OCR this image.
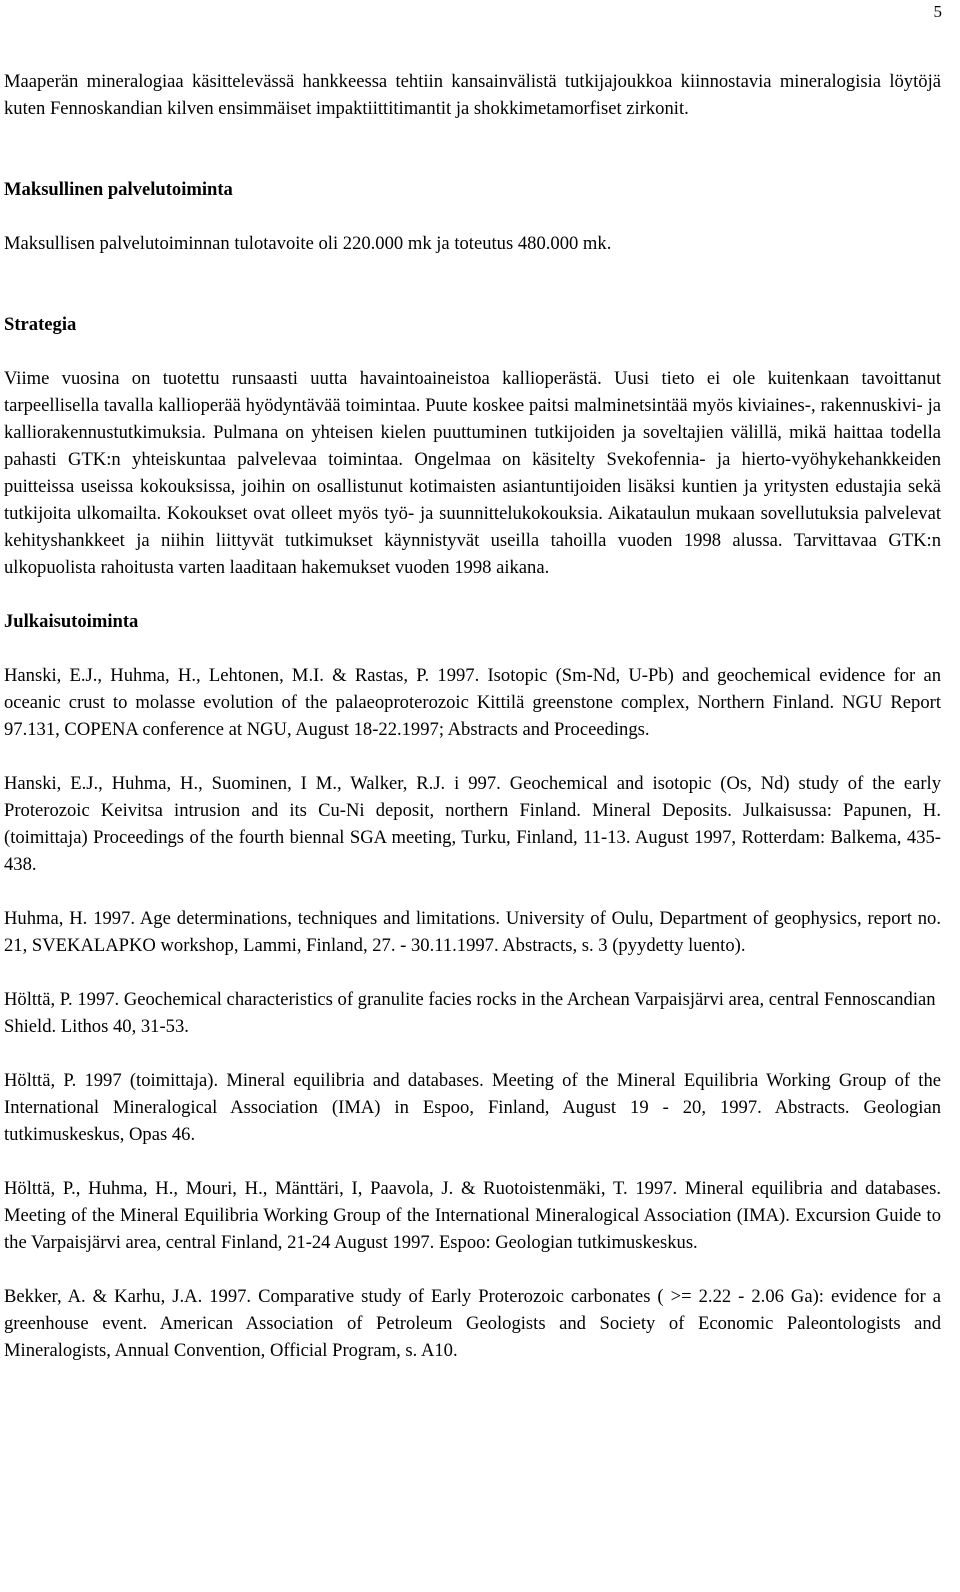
5

Maaperän mineralogiaa käsittelevässä hankkeessa tehtiin kansainvälistä tutkijajoukkoa kiinnostavia mineralogisia löytöjä kuten Fennoskandian kilven ensimmäiset impaktiittitimantit ja shokkimetamorfiset zirkonit.

Maksullinen palvelutoiminta

Maksullisen palvelutoiminnan tulotavoite oli 220.000 mk ja toteutus 480.000 mk.

Strategia

Viime vuosina on tuotettu runsaasti uutta havaintoaineistoa kallioperästä. Uusi tieto ei ole kuitenkaan tavoittanut tarpeellisella tavalla kallioperää hyödyntävää toimintaa. Puute koskee paitsi malminetsintää myös kiviaines-, rakennuskivi- ja kalliorakennustutkimuksia. Pulmana on yhteisen kielen puuttuminen tutkijoiden ja soveltajien välillä, mikä haittaa todella pahasti GTK:n yhteiskuntaa palvelevaa toimintaa. Ongelmaa on käsitelty Svekofennia- ja hierto-vyöhykehankkeiden puitteissa useissa kokouksissa, joihin on osallistunut kotimaisten asiantuntijoiden lisäksi kuntien ja yritysten edustajia sekä tutkijoita ulkomailta. Kokoukset ovat olleet myös työ- ja suunnittelukokouksia. Aikataulun mukaan sovellutuksia palvelevat kehityshankkeet ja niihin liittyvät tutkimukset käynnistyvät useilla tahoilla vuoden 1998 alussa. Tarvittavaa GTK:n ulkopuolista rahoitusta varten laaditaan hakemukset vuoden 1998 aikana.

Julkaisutoiminta

Hanski, E.J., Huhma, H., Lehtonen, M.I. & Rastas, P. 1997. Isotopic (Sm-Nd, U-Pb) and geochemical evidence for an oceanic crust to molasse evolution of the palaeoproterozoic Kittilä greenstone complex, Northern Finland. NGU Report 97.131, COPENA conference at NGU, August 18-22.1997; Abstracts and Proceedings.

Hanski, E.J., Huhma, H., Suominen, I M., Walker, R.J. i 997. Geochemical and isotopic (Os, Nd) study of the early Proterozoic Keivitsa intrusion and its Cu-Ni deposit, northern Finland. Mineral Deposits. Julkaisussa: Papunen, H. (toimittaja) Proceedings of the fourth biennal SGA meeting, Turku, Finland, 11-13. August 1997, Rotterdam: Balkema, 435-438.

Huhma, H. 1997. Age determinations, techniques and limitations. University of Oulu, Department of geophysics, report no. 21, SVEKALAPKO workshop, Lammi, Finland, 27. - 30.11.1997. Abstracts, s. 3 (pyydetty luento).

Hölttä, P. 1997. Geochemical characteristics of granulite facies rocks in the Archean Varpaisjärvi area, central Fennoscandian Shield. Lithos 40, 31-53.

Hölttä, P. 1997 (toimittaja). Mineral equilibria and databases. Meeting of the Mineral Equilibria Working Group of the International Mineralogical Association (IMA) in Espoo, Finland, August 19 - 20, 1997. Abstracts. Geologian tutkimuskeskus, Opas 46.

Hölttä, P., Huhma, H., Mouri, H., Mänttäri, I, Paavola, J. & Ruotoistenmäki, T. 1997. Mineral equilibria and databases. Meeting of the Mineral Equilibria Working Group of the International Mineralogical Association (IMA). Excursion Guide to the Varpaisjärvi area, central Finland, 21-24 August 1997. Espoo: Geologian tutkimuskeskus.

Bekker, A. & Karhu, J.A. 1997. Comparative study of Early Proterozoic carbonates ( >= 2.22 - 2.06 Ga): evidence for a greenhouse event. American Association of Petroleum Geologists and Society of Economic Paleontologists and Mineralogists, Annual Convention, Official Program, s. A10.
